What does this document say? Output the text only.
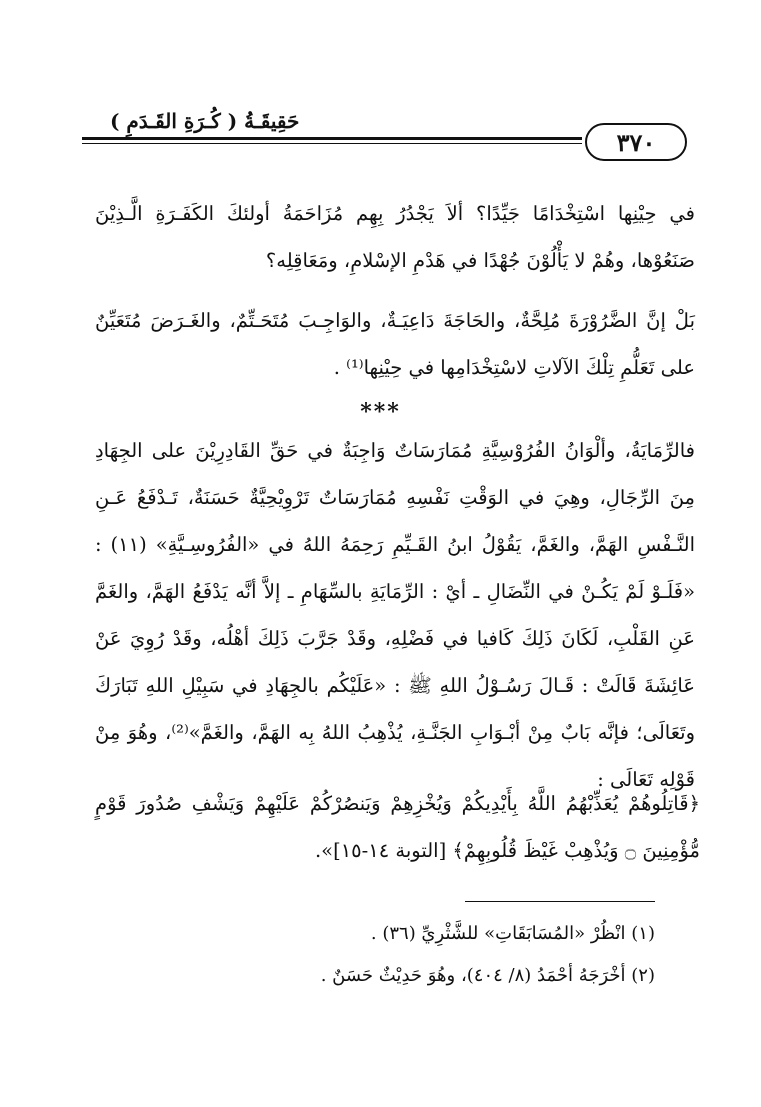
حَقِيقَـةُ ( كُـرَةِ القَـدَمِ )
٣٧٠
في حِيْنِها اسْتِخْدَامًا جَيِّدًا؟ ألاَ يَجْدُرُ بِهِم مُزَاحَمَةُ أولئكَ الكَفَـرَةِ الَّـذِيْنَ صَنَعُوْها، وهُمْ لا يَأْلُوْنَ جُهْدًا في هَدْمِ الإسْلامِ، ومَعَاقِلِه؟
بَلْ إنَّ الضَّرُوْرَةَ مُلِحَّةٌ، والحَاجَةَ دَاعِيَـةٌ، والوَاجِـبَ مُتَحَـتِّمٌ، والغَـرَضَ مُتَعَيِّنٌ على تَعَلُّمِ تِلْكَ الآلاتِ لاسْتِخْدَامِها في حِيْنِها⁽¹⁾ .
***
فالرِّمَايَةُ، وألْوَانُ الفُرُوْسِيَّةِ مُمَارَسَاتٌ وَاجِبَةٌ في حَقِّ القَادِرِيْنَ على الجِهَادِ مِنَ الرِّجَالِ، وهِيَ في الوَقْتِ نَفْسِهِ مُمَارَسَاتٌ تَرْوِيْحِيَّةٌ حَسَنَةٌ، تَـدْفَعُ عَـنِ النَّـفْسِ الهَمَّ، والغَمَّ، يَقُوْلُ ابنُ القَـيِّمِ رَحِمَهُ اللهُ في «الفُرُوسِـيَّةِ» (١١) : «فَلَـوْ لَمْ يَكُـنْ في النِّضَالِ ـ أيْ : الرِّمَايَةِ بالسِّهَامِ ـ إلاَّ أنَّه يَدْفَعُ الهَمَّ، والغَمَّ عَنِ القَلْبِ، لَكَانَ ذَلِكَ كَافيا في فَضْلِهِ، وقَدْ جَرَّبَ ذَلِكَ أهْلُه، وقَدْ رُوِيَ عَنْ عَائِشَةَ قَالَتْ : قَـالَ رَسُـوْلُ اللهِ ﷺ : «عَلَيْكُم بالجِهَادِ في سَبِيْلِ اللهِ تَبَارَكَ وتَعَالَى؛ فإنَّه بَابٌ مِنْ أبْـوَابِ الجَنَّـةِ، يُذْهِبُ اللهُ بِه الهَمَّ، والغَمَّ»⁽²⁾، وهُوَ مِنْ قَوْلِه تَعَالَى :
﴿قَاتِلُوهُمْ يُعَذِّبْهُمُ اللَّهُ بِأَيْدِيكُمْ وَيُخْزِهِمْ وَيَنصُرْكُمْ عَلَيْهِمْ وَيَشْفِ صُدُورَ قَوْمٍ مُّؤْمِنِينَ ۝ وَيُذْهِبْ غَيْظَ قُلُوبِهِمْ﴾ [التوبة ١٤-١٥]».
(١) انْظُرْ «المُسَابَقَاتِ» للشَّثْرِيِّ (٣٦) .
(٢) أخْرَجَهُ أحْمَدُ (٨/ ٤٠٤)، وهُوَ حَدِيْثٌ حَسَنٌ .
